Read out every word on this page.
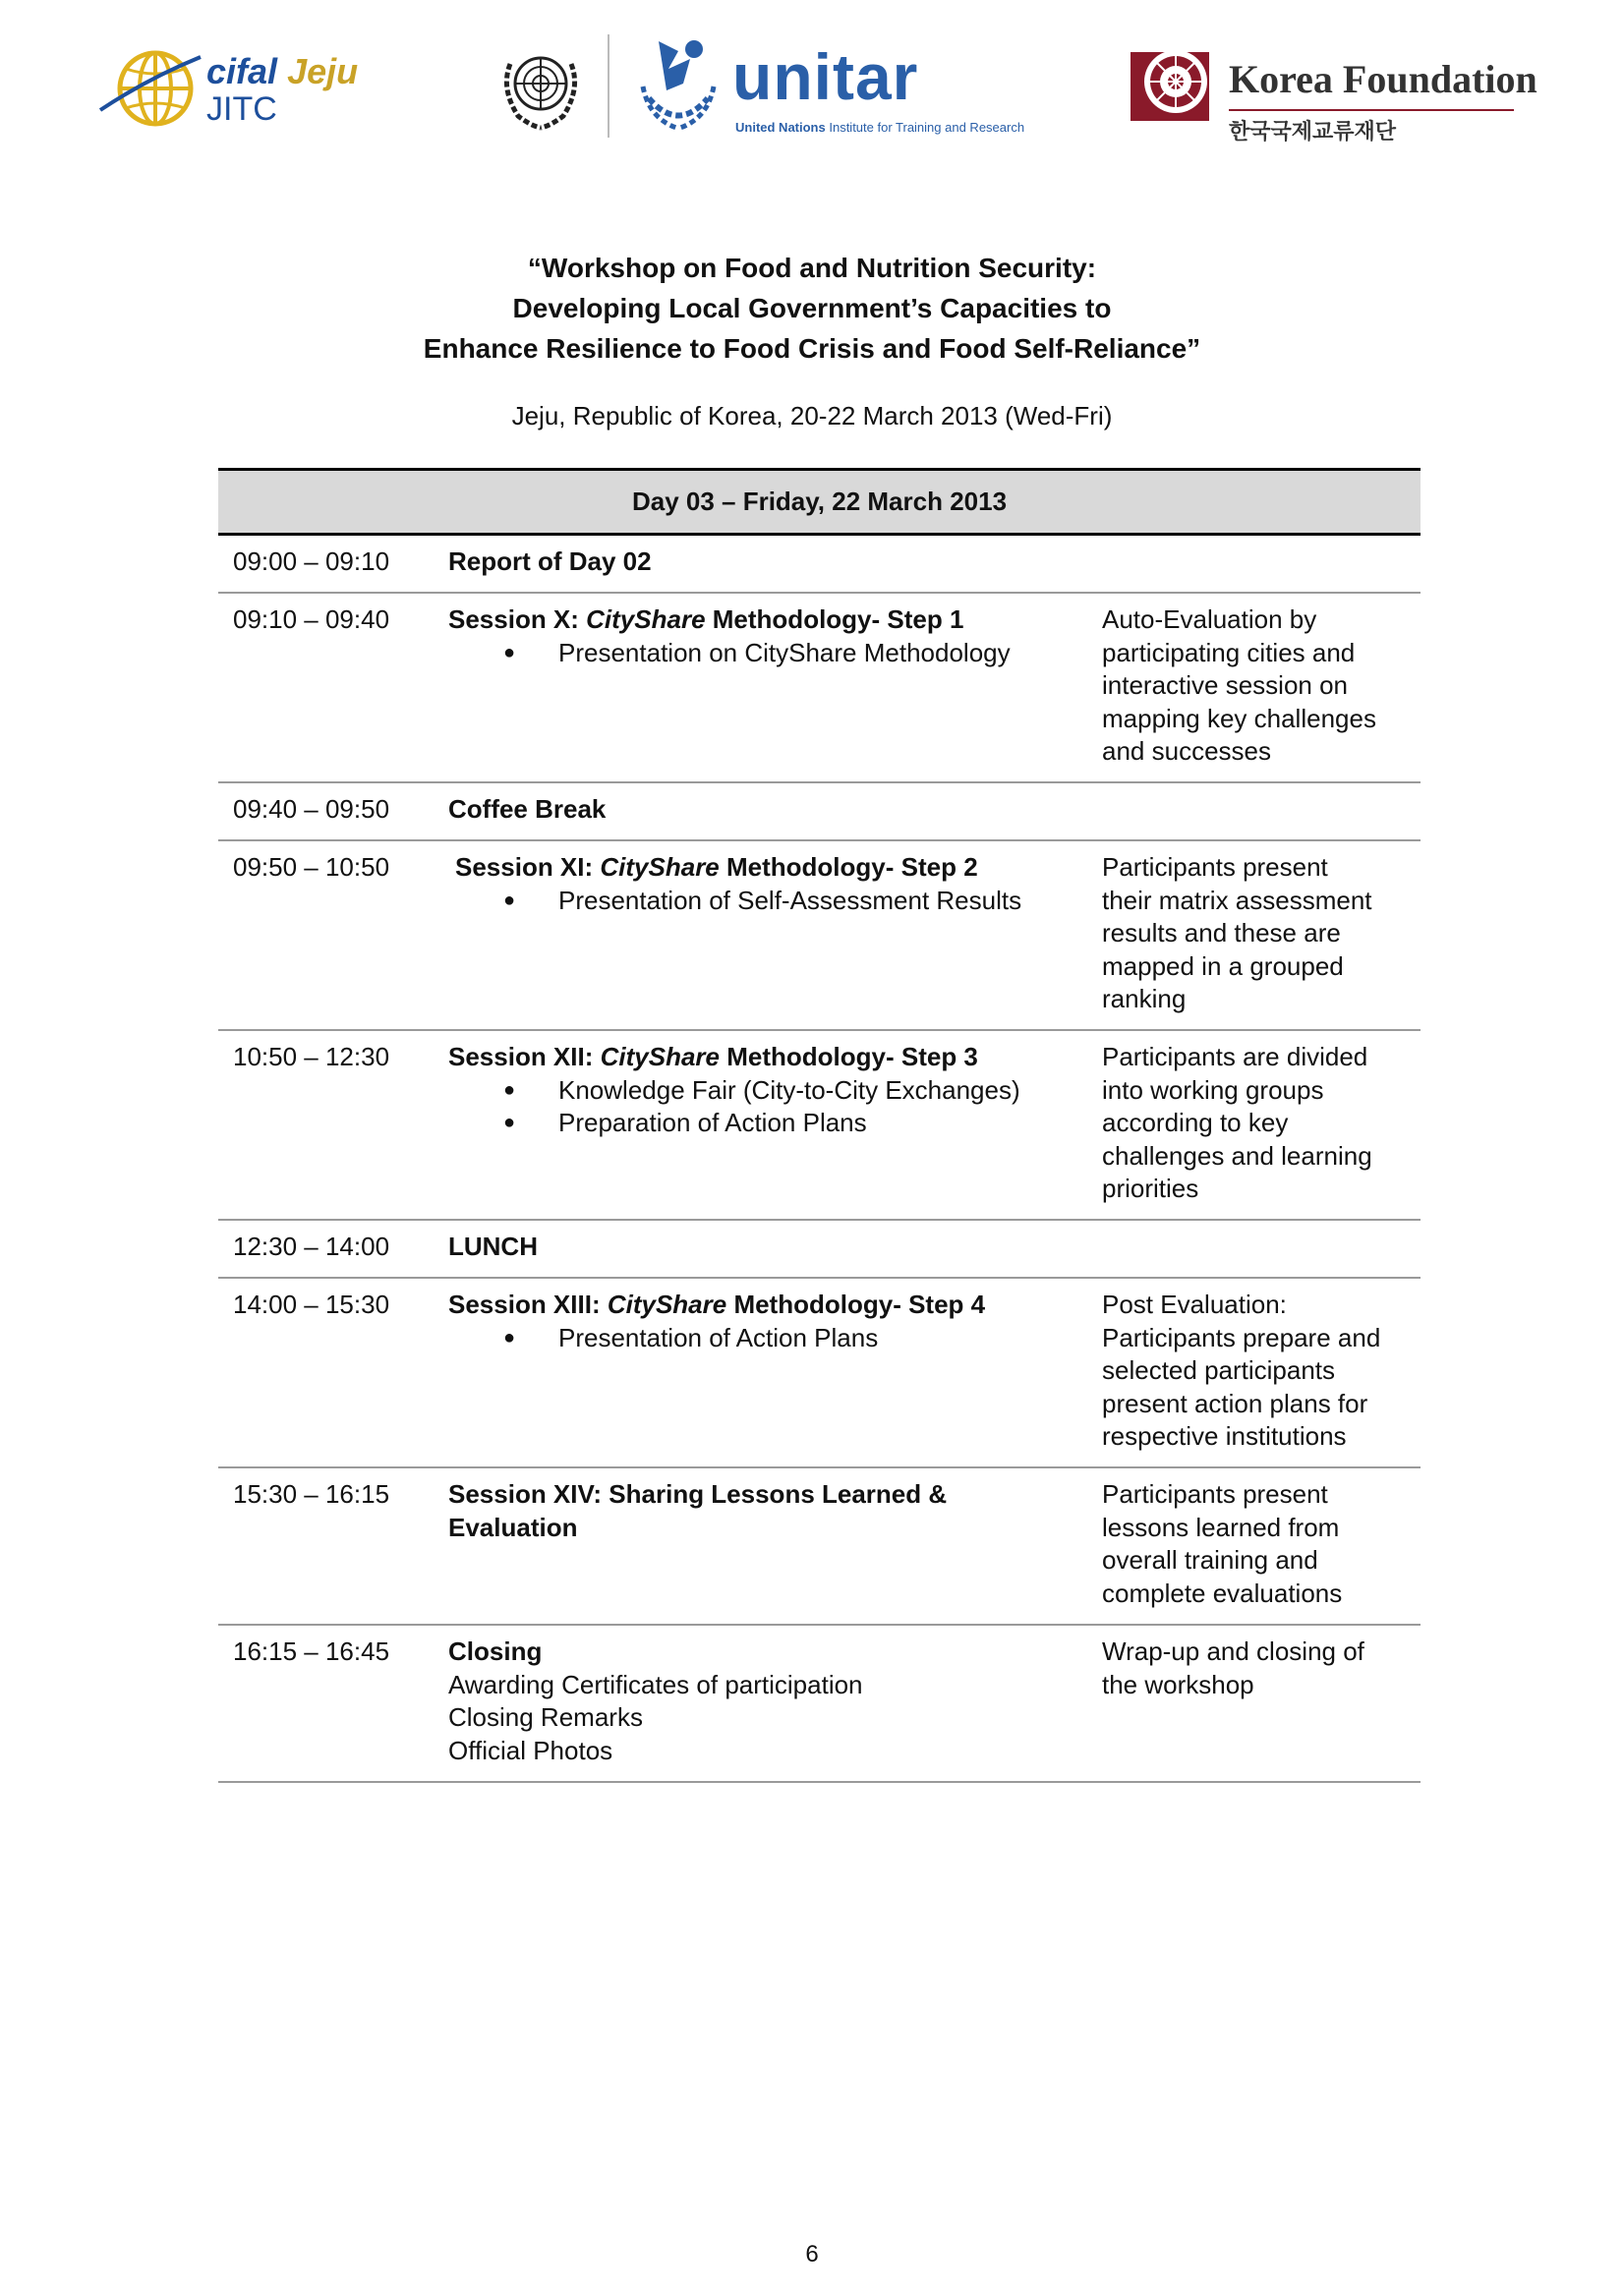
cifal Jeju
JITC	unitar
United Nations Institute for Training and Research
Korea Foundation
한국국제교류재단
“Workshop on Food and Nutrition Security:
Developing Local Government’s Capacities to
Enhance Resilience to Food Crisis and Food Self-Reliance”
Jeju, Republic of Korea, 20-22 March 2013 (Wed-Fri)
Day 03 – Friday, 22 March 2013
09:00 – 09:10 Report of Day 02
09:10 – 09:40 Session X: CityShare Methodology- Step 1
● Presentation on CityShare Methodology
Auto-Evaluation by
participating cities and
interactive session on
mapping key challenges
and successes
09:40 – 09:50 Coffee Break
09:50 – 10:50	Session XI: CityShare Methodology- Step 2
● Presentation of Self-Assessment Results
Participants present
their matrix assessment
results and these are
mapped in a grouped
ranking
10:50 – 12:30 Session XII: CityShare Methodology- Step 3
● Knowledge Fair (City-to-City Exchanges)
● Preparation of Action Plans
Participants are divided
into working groups
according to key
challenges and learning
priorities
12:30 – 14:00 LUNCH
14:00 – 15:30 Session XIII: CityShare Methodology- Step 4
● Presentation of Action Plans
Post Evaluation:
Participants prepare and
selected participants
present action plans for
respective institutions
15:30 – 16:15 Session XIV: Sharing Lessons Learned &
Evaluation
Participants present
lessons learned from
overall training and
complete evaluations
16:15 – 16:45 Closing
Awarding Certificates of participation
Closing Remarks
Official Photos
Wrap-up and closing of
the workshop
6
